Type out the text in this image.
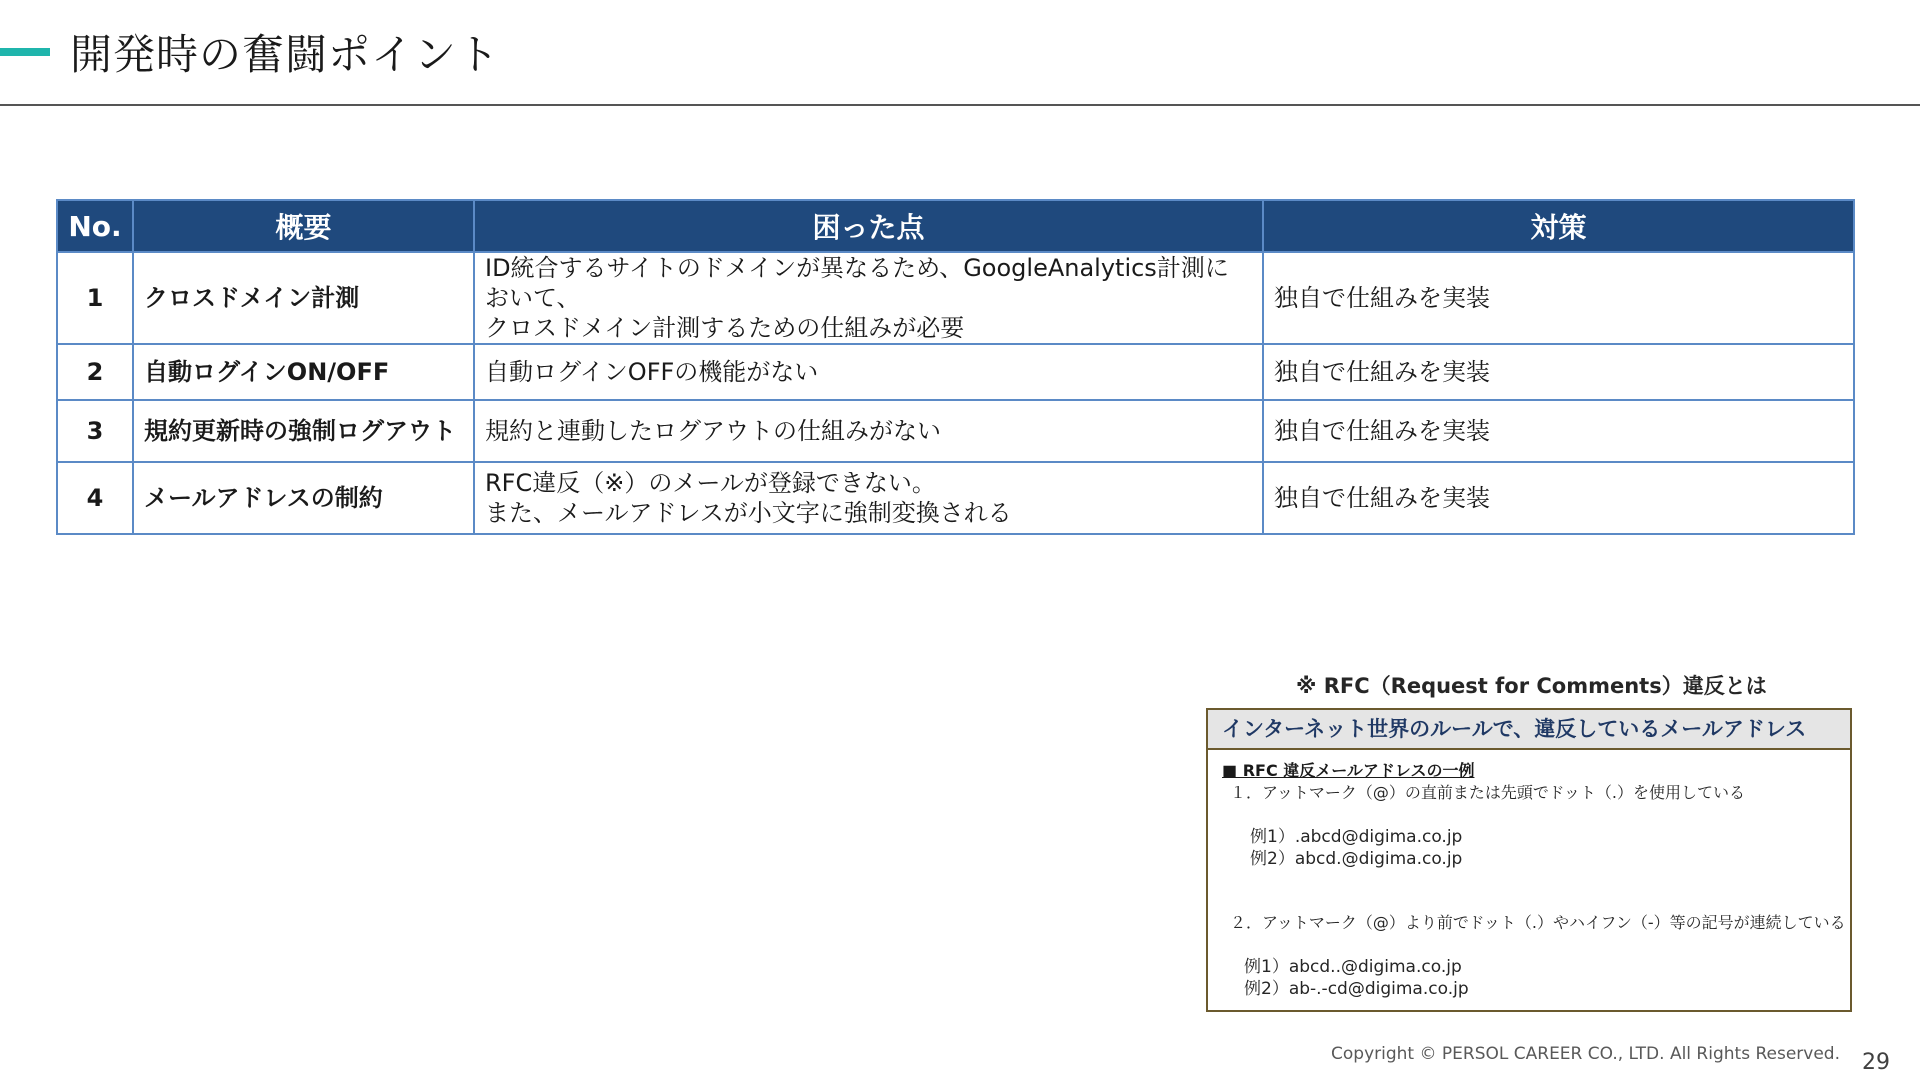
開発時の奮闘ポイント
No.	概要	困った点	対策
1	クロスドメイン計測	ID統合するサイトのドメインが異なるため、GoogleAnalytics計測において、
クロスドメイン計測するための仕組みが必要	独自で仕組みを実装
2	自動ログインON/OFF	自動ログインOFFの機能がない	独自で仕組みを実装
3	規約更新時の強制ログアウト	規約と連動したログアウトの仕組みがない	独自で仕組みを実装
4	メールアドレスの制約	RFC違反（※）のメールが登録できない。
また、メールアドレスが小文字に強制変換される	独自で仕組みを実装
※ RFC（Request for Comments）違反とは
インターネット世界のルールで、違反しているメールアドレス
■ RFC 違反メールアドレスの一例
１．アットマーク（@）の直前または先頭でドット（.）を使用している
例1）.abcd@digima.co.jp
例2）abcd.@digima.co.jp
２．アットマーク（@）より前でドット（.）やハイフン（-）等の記号が連続している
例1）abcd..@digima.co.jp
例2）ab-.-cd@digima.co.jp
Copyright © PERSOL CAREER CO., LTD. All Rights Reserved. 29
